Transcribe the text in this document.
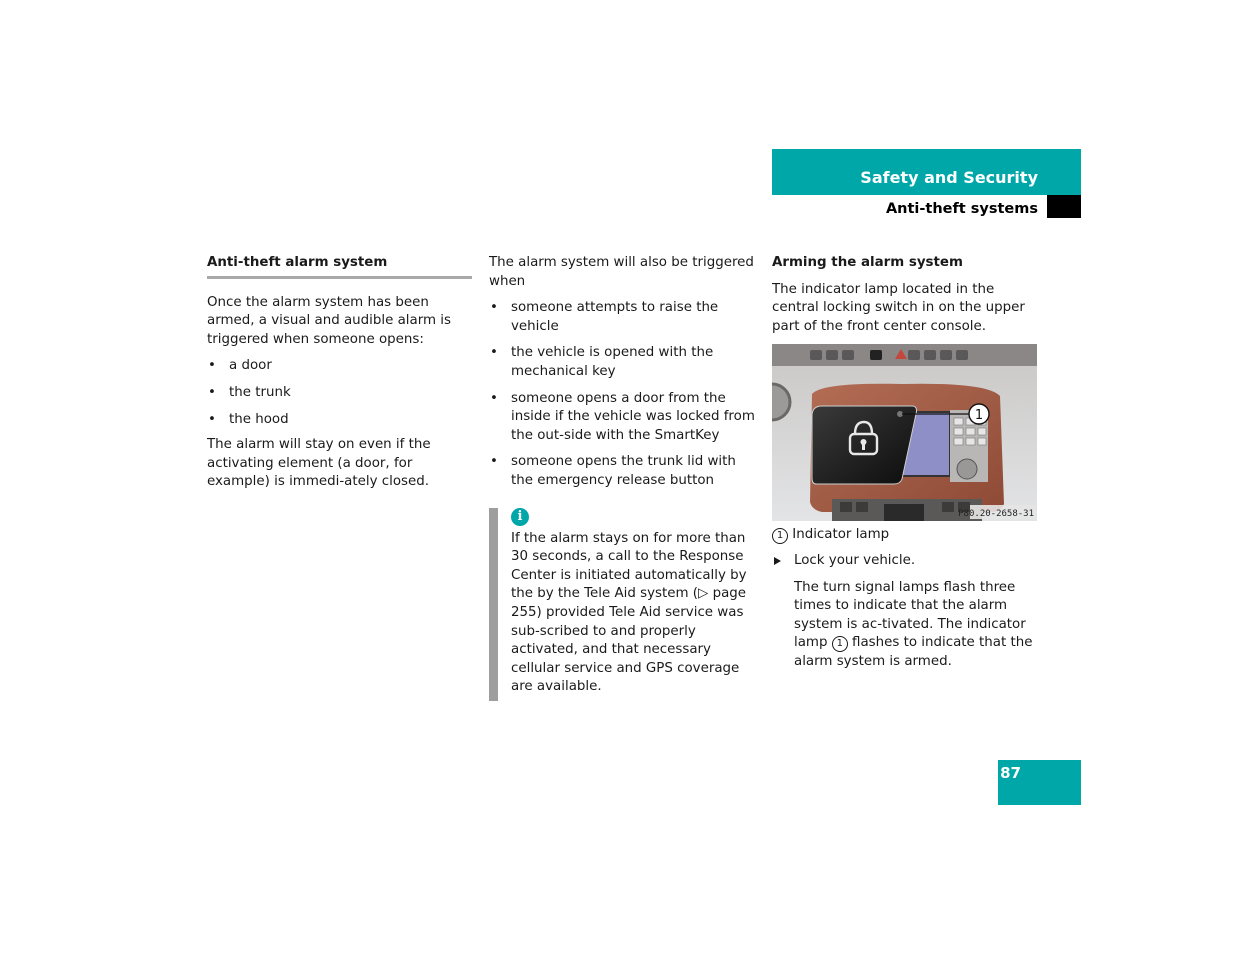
Safety and Security
Anti-theft systems
Anti-theft alarm system

Once the alarm system has been armed, a visual and audible alarm is triggered when someone opens:

• a door
• the trunk
• the hood

The alarm will stay on even if the activating element (a door, for example) is immedi-ately closed.

The alarm system will also be triggered when

• someone attempts to raise the vehicle
• the vehicle is opened with the mechanical key
• someone opens a door from the inside if the vehicle was locked from the out-side with the SmartKey
• someone opens the trunk lid with the emergency release button
i

If the alarm stays on for more than 30 seconds, a call to the Response Center is initiated automatically by the by the Tele Aid system (▷ page 255) provided Tele Aid service was sub-scribed to and properly activated, and that necessary cellular service and GPS coverage are available.

Arming the alarm system

The indicator lamp located in the central locking switch in on the upper part of the front center console.

1
P80.20-2658-31

1 Indicator lamp

Lock your vehicle.

The turn signal lamps flash three times to indicate that the alarm system is ac-tivated. The indicator lamp 1 flashes to indicate that the alarm system is armed.

87
